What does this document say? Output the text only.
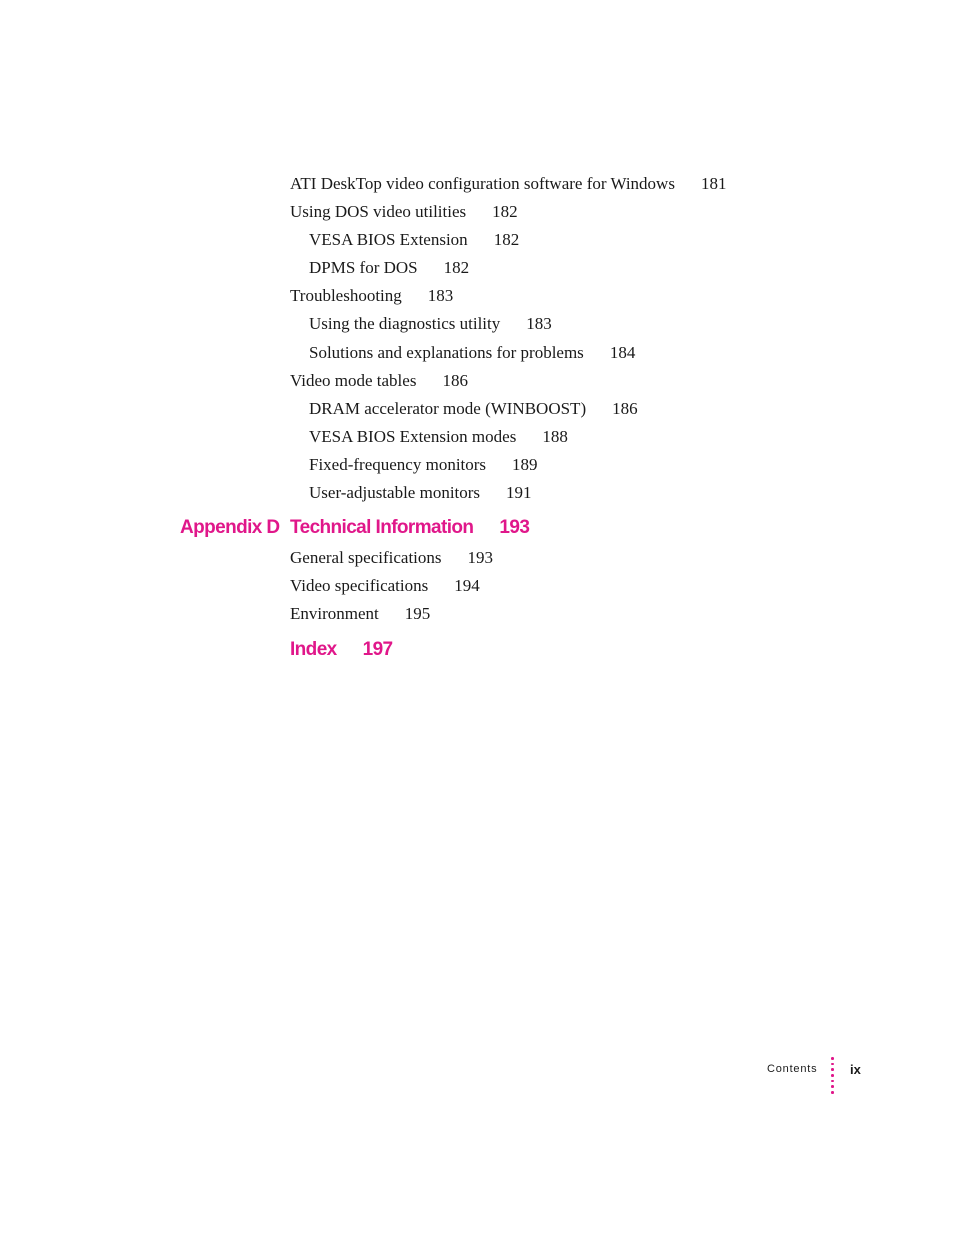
ATI DeskTop video configuration software for Windows 181
Using DOS video utilities 182
VESA BIOS Extension 182
DPMS for DOS 182
Troubleshooting 183
Using the diagnostics utility 183
Solutions and explanations for problems 184
Video mode tables 186
DRAM accelerator mode (WINBOOST) 186
VESA BIOS Extension modes 188
Fixed-frequency monitors 189
User-adjustable monitors 191
Appendix D Technical Information 193
General specifications 193
Video specifications 194
Environment 195
Index 197
Contents	ix
